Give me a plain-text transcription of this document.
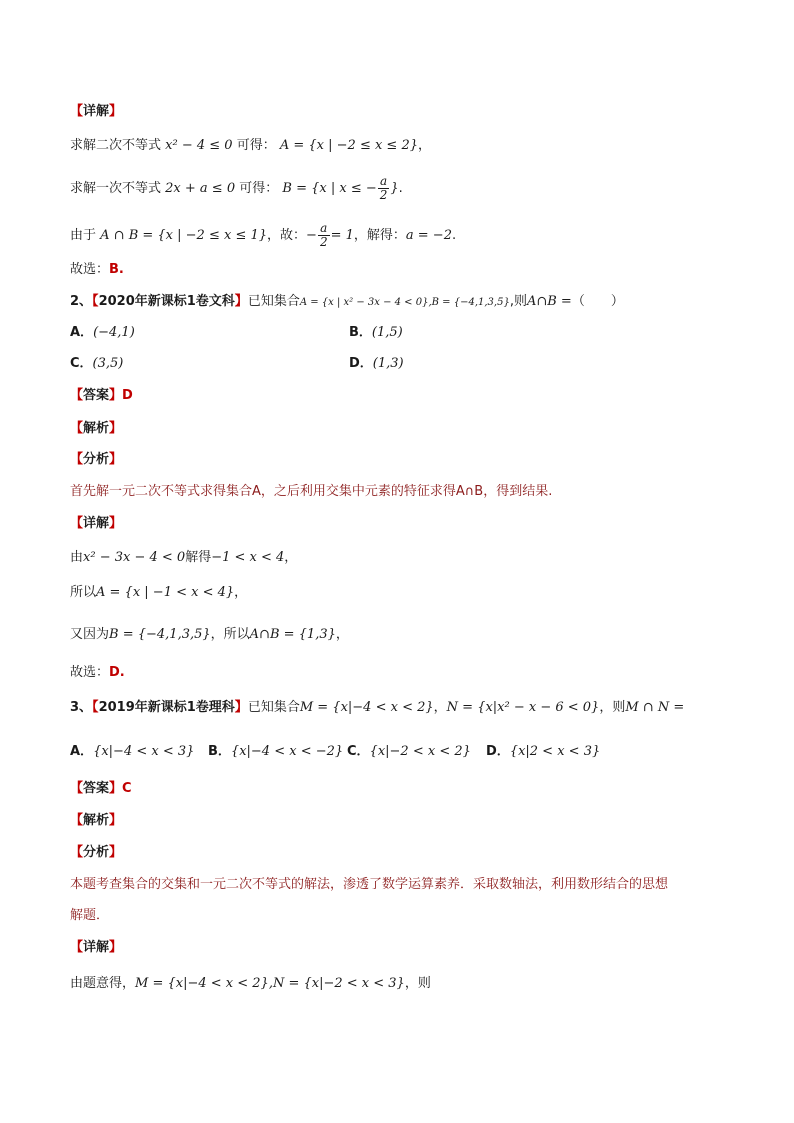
【详解】
求解二次不等式 x² − 4 ≤ 0 可得： A = {x | −2 ≤ x ≤ 2}，
求解一次不等式 2x + a ≤ 0 可得： B = {x | x ≤ − $\frac{a}{2}$ }.
由于 A ∩ B = {x | −2 ≤ x ≤ 1}，故：− $\frac{a}{2} = 1$，解得：a = −2.
故选：B.
2、【2020年新课标1卷文科】已知集合A = {x | x² − 3x − 4 < 0},B = {−4,1,3,5},则A∩B =（　　）
A．(−4,1)	B．(1,5)
C．(3,5)	D．(1,3)
【答案】D
【解析】
【分析】
首先解一元二次不等式求得集合A，之后利用交集中元素的特征求得A∩B，得到结果.
【详解】
由x² − 3x − 4 < 0解得−1 < x < 4，
所以A = {x | −1 < x < 4}，
又因为B = {−4,1,3,5}，所以A∩B = {1,3}，
故选：D.
3、【2019年新课标1卷理科】已知集合M = {x|−4 < x < 2}，N = {x|x² − x − 6 < 0}，则M ∩ N =
A．{x|−4 < x < 3} B．{x|−4 < x < −2} C．{x|−2 < x < 2} D．{x|2 < x < 3}
【答案】C
【解析】
【分析】
本题考查集合的交集和一元二次不等式的解法，渗透了数学运算素养．采取数轴法，利用数形结合的思想
解题．
【详解】
由题意得，M = {x|−4 < x < 2},N = {x|−2 < x < 3}，则
